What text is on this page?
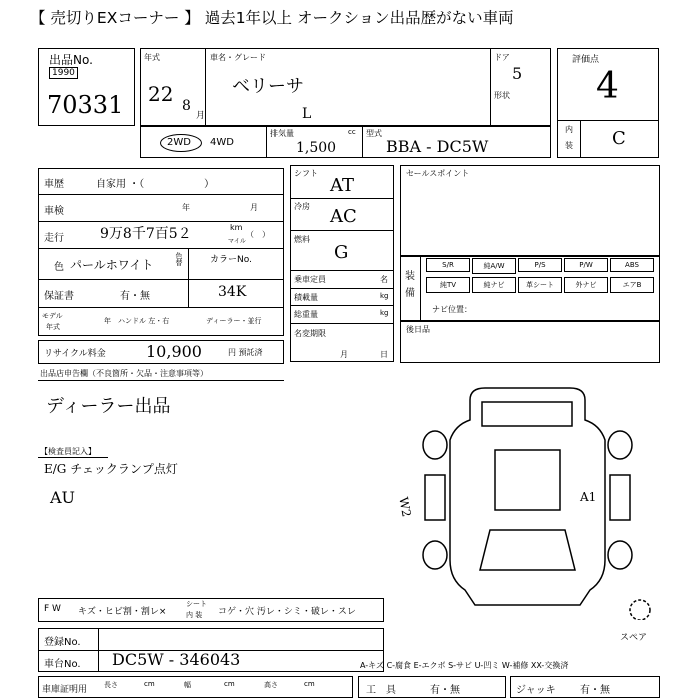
【 売切りEXコーナー 】 過去1年以上 オークション出品歴がない車両
出品No.
1990
70331
年式
22 8
月
車名・グレード
ベリーサ
L
ドア
5
形状
評価点
4
内
装 C
2WD 4WD
排気量	cc
1,500
型式
BBA - DC5W
車歴	自家用 ・（　　　　　　）
車検	年	月
走行	9万8千7百5２	km
マイル
（　）
色 パールホワイト	色替	カラーNo.
34K
保証書	有・無
モデル
年式
年 ハンドル 左・右	ディーラー・並行
リサイクル料金	10,900	円 預託済
シフト
AT
冷房 AC
燃料
G
乗車定員	名
積載量	kg
総重量	kg
名変期限
月	日
セールスポイント
装
備
ナビ位置：
後日品
出品店申告欄（不良箇所・欠品・注意事項等）
ディーラー出品
【検査員記入】
E/G チェックランプ点灯
AU	W2	A1
スペア
F W キズ・ヒビ割・割レ×
シート
内 装 コゲ・穴 汚レ・シミ・破レ・スレ
登録No.
車台No. DC5W - 346043	A-キズ C-腐食 E-エクボ S-サビ U-凹ミ W-補修 XX-交換済
車庫証明用	工　具	有・無	ジャッキ 有・無
S/R	純A/W	P/S	P/W	ABS
純TV	純ナビ	革シート	外ナビ	エアB
長さ	cm	幅	cm	高さ	cm
